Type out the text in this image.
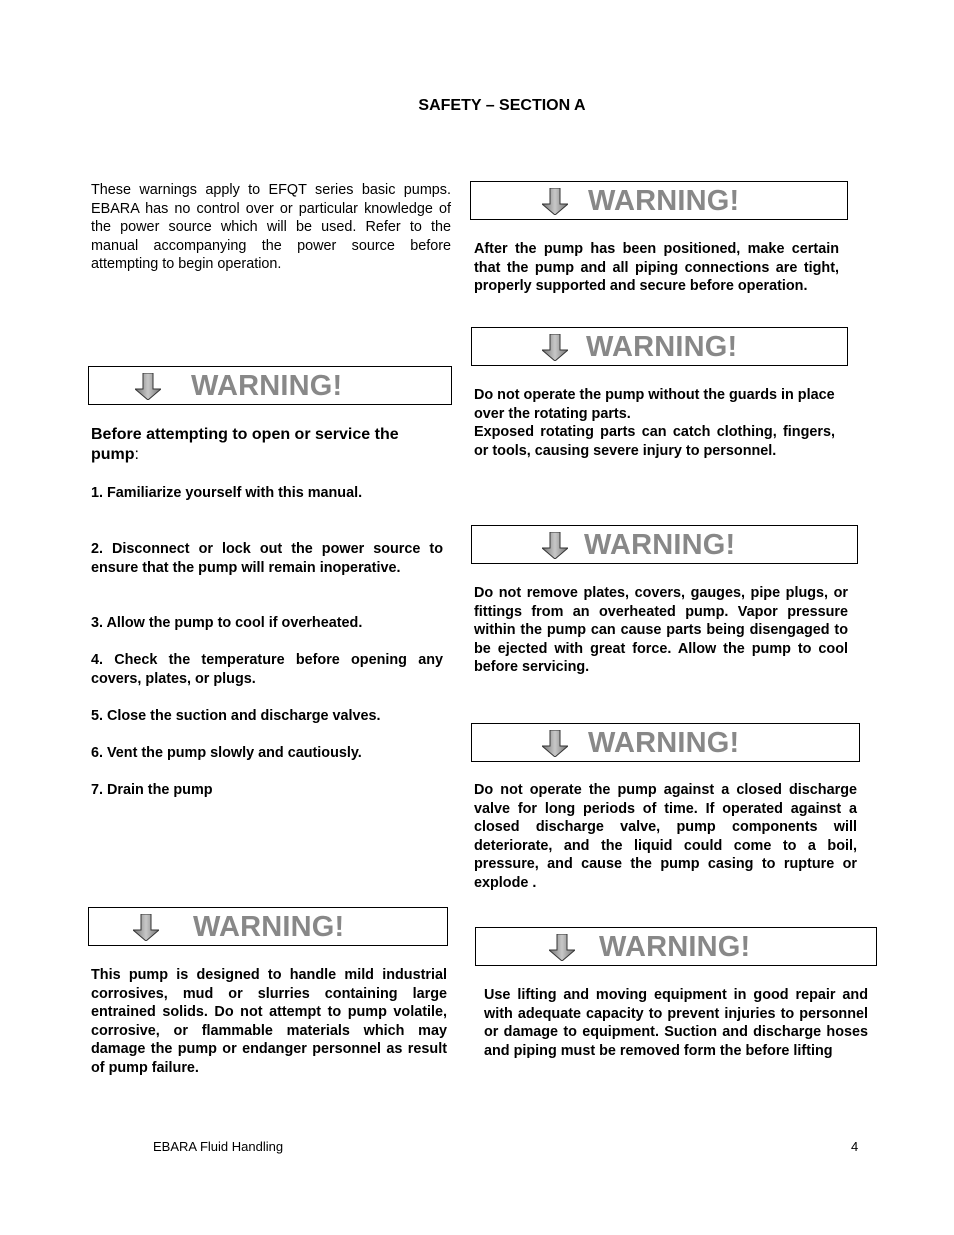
SAFETY – SECTION A
These warnings apply to EFQT series basic pumps. EBARA has no control over or particular knowledge of the power source which will be used. Refer to the manual accompanying the power source before attempting to begin operation.
WARNING!
Before attempting to open or service the pump:
1. Familiarize yourself with this manual.
2. Disconnect or lock out the power source to ensure that the pump will remain inoperative.
3. Allow the pump to cool if overheated.
4. Check the temperature before opening any covers, plates, or plugs.
5. Close the suction and discharge valves.
6. Vent the pump slowly and cautiously.
7. Drain the pump
WARNING!
This pump is designed to handle mild industrial corrosives, mud or slurries containing large entrained solids. Do not attempt to pump volatile, corrosive, or flammable materials which may damage the pump or endanger personnel as result of pump failure.
WARNING!
After the pump has been positioned, make certain that the pump and all piping connections are tight, properly supported and secure before operation.
WARNING!
Do not operate the pump without the guards in place over the rotating parts.
Exposed rotating parts can catch clothing, fingers, or tools, causing severe injury to personnel.
WARNING!
Do not remove plates, covers, gauges, pipe plugs, or fittings from an overheated pump. Vapor pressure within the pump can cause parts being disengaged to be ejected with great force. Allow the pump to cool before servicing.
WARNING!
Do not operate the pump against a closed discharge valve for long periods of time. If operated against a closed discharge valve, pump components will deteriorate, and the liquid could come to a boil, pressure, and cause the pump casing to rupture or explode .
WARNING!
Use lifting and moving equipment in good repair and with adequate capacity to prevent injuries to personnel or damage to equipment. Suction and discharge hoses and piping must be removed form the before lifting
EBARA Fluid Handling	4
